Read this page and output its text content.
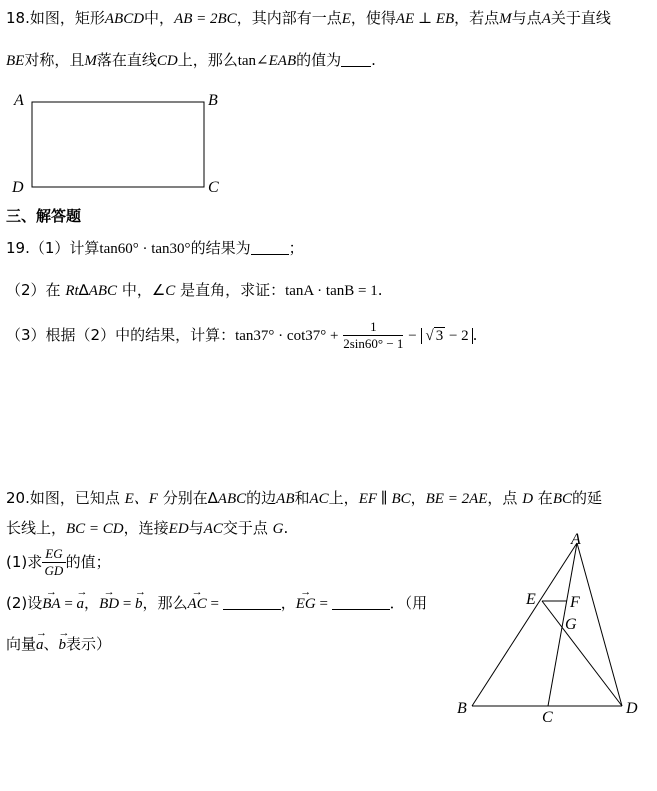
18.如图，矩形ABCD中，AB = 2BC，其内部有一点E，使得AE ⊥ EB，若点M与点A关于直线
BE对称，且M落在直线CD上，那么tan∠EAB的值为 .
A	B
C
D
三、解答题
19.（1）计算tan60° · tan30°的结果为	；
（2）在 Rt∆ABC 中，∠C 是直角，求证：tanA · tanB = 1.
（3）根据（2）中的结果，计算：$\tan 37^\circ \cdot \cot 37^\circ + \frac{1}{2\sin 60^\circ - 1}$ − √ 3 − 2 .
20.如图，已知点 E、F 分别在∆ABC的边AB和AC上，EF ∥ BC，BE = 2AE，点 D 在BC的延
长线上，BC = CD，连接ED与AC交于点 G.
(1)求 $\frac{EG}{GD}$ 的值；
(2)设→ BA = → a，→ BD = → b，那么→ AC =	，→ EG =	．（用
向量→ a、→ b表示）
A
B
C
D
E F
G
